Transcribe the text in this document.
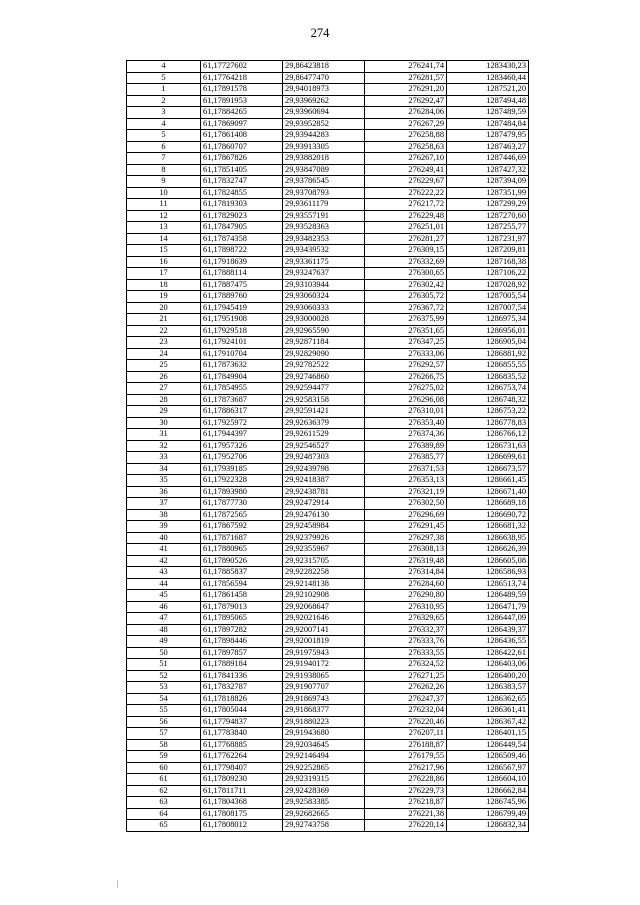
274
4	61,17727602	29,86423818	276241,74	1283430,23
5	61,17764218	29,86477470	276281,57	1283460,44
1	61,17891578	29,94018973	276291,20	1287521,20
2	61,17891953	29,93969262	276292,47	1287494,48
3	61,17884265	29,93960694	276284,06	1287489,59
4	61,17869097	29,93952852	276267,29	1287484,84
5	61,17861408	29,93944283	276258,88	1287479,95
6	61,17860707	29,93913305	276258,63	1287463,27
7	61,17867826	29,93882018	276267,10	1287446,69
8	61,17851405	29,93847089	276249,41	1287427,32
9	61,17832747	29,93786545	276229,67	1287394,09
10	61,17824855	29,93708793	276222,22	1287351,99
11	61,17819303	29,93611179	276217,72	1287299,29
12	61,17829023	29,93557191	276229,48	1287270,60
13	61,17847905	29,93528363	276251,01	1287255,77
14	61,17874358	29,93482353	276281,27	1287231,97
15	61,17898722	29,93439532	276309,15	1287209,81
16	61,17918639	29,93361175	276332,69	1287168,38
17	61,17888114	29,93247637	276300,65	1287106,22
18	61,17887475	29,93103944	276302,42	1287028,92
19	61,17889760	29,93060324	276305,72	1287005,54
20	61,17945419	29,93060333	276367,72	1287007,54
21	61,17951908	29,93000028	276375,99	1286975,34
22	61,17929518	29,92965590	276351,65	1286956,01
23	61,17924101	29,92871184	276347,25	1286905,04
24	61,17910704	29,92829090	276333,06	1286881,92
25	61,17873632	29,92782522	276292,57	1286855,55
26	61,17849904	29,92746860	276266,75	1286835,52
27	61,17854955	29,92594477	276275,02	1286753,74
28	61,17873687	29,92583158	276296,08	1286748,32
29	61,17886317	29,92591421	276310,01	1286753,22
30	61,17925972	29,92636379	276353,40	1286778,83
31	61,17944397	29,92611529	276374,36	1286766,12
32	61,17957326	29,92546527	276389,89	1286731,63
33	61,17952706	29,92487303	276385,77	1286699,61
34	61,17939185	29,92439798	276371,53	1286673,57
35	61,17922328	29,92418387	276353,13	1286661,45
36	61,17893980	29,92438781	276321,19	1286671,40
37	61,17877730	29,92472914	276302,50	1286689,18
38	61,17872565	29,92476130	276296,69	1286690,72
39	61,17867592	29,92458984	276291,45	1286681,32
40	61,17871687	29,92379926	276297,38	1286638,95
41	61,17880965	29,92355967	276308,13	1286626,39
42	61,17890526	29,92315705	276319,48	1286605,08
43	61,17885837	29,92282258	276314,84	1286586,93
44	61,17856594	29,92148138	276284,60	1286513,74
45	61,17861458	29,92102908	276290,80	1286489,59
46	61,17879013	29,92068647	276310,95	1286471,79
47	61,17895065	29,92021646	276329,65	1286447,09
48	61,17897282	29,92007141	276332,37	1286439,37
49	61,17898446	29,92001819	276333,76	1286436,55
50	61,17897857	29,91975943	276333,55	1286422,61
51	61,17889184	29,91940172	276324,52	1286403,06
52	61,17841336	29,91938065	276271,25	1286400,20
53	61,17832787	29,91907707	276262,26	1286383,57
54	61,17818826	29,91869743	276247,37	1286362,65
55	61,17805044	29,91868377	276232,04	1286361,41
56	61,17794837	29,91880223	276220,46	1286367,42
57	61,17783840	29,91943680	276207,11	1286401,15
58	61,17768885	29,92034645	276188,87	1286449,54
59	61,17762264	29,92146494	276179,55	1286509,46
60	61,17798407	29,92252865	276217,96	1286567,97
61	61,17809230	29,92319315	276228,86	1286604,10
62	61,17811711	29,92428369	276229,73	1286662,84
63	61,17804368	29,92583385	276218,87	1286745,96
64	61,17808175	29,92682665	276221,38	1286799,49
65	61,17808012	29,92743758	276220,14	1286832,34
